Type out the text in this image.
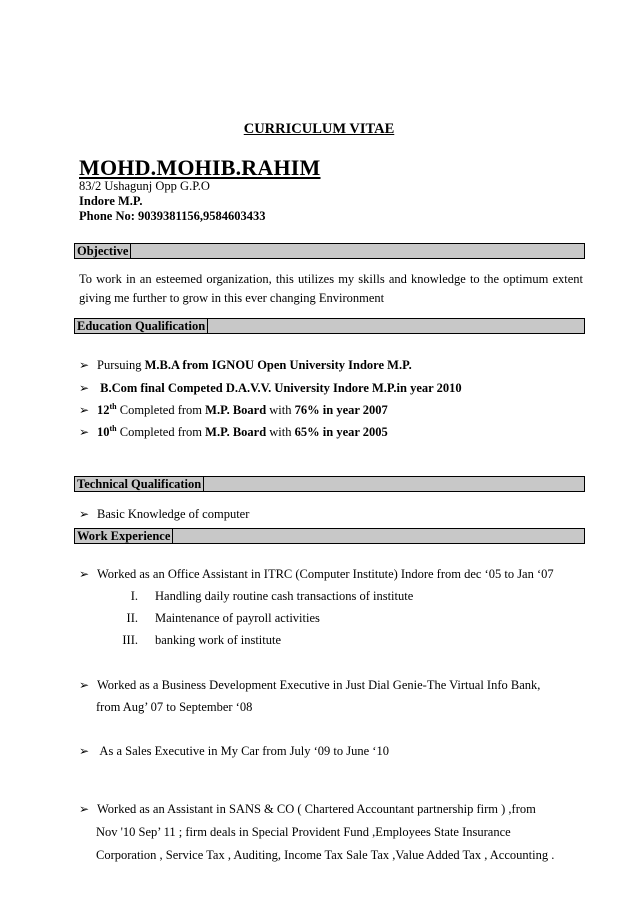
CURRICULUM VITAE
MOHD.MOHIB.RAHIM
83/2 Ushagunj Opp G.P.O
Indore M.P.
Phone No: 9039381156,9584603433
Objective
To work in an esteemed organization, this utilizes my skills and knowledge to the optimum extent giving me further to grow in this ever changing Environment
Education Qualification
➢ Pursuing M.B.A from IGNOU Open University Indore M.P.
➢ B.Com final Competed D.A.V.V. University Indore M.P.in year 2010
➢ 12th Completed from M.P. Board with 76% in year 2007
➢ 10th Completed from M.P. Board with 65% in year 2005
Technical Qualification
➢ Basic Knowledge of computer
Work Experience
➢ Worked as an Office Assistant in ITRC (Computer Institute) Indore from dec ‘05 to Jan ‘07
I. Handling daily routine cash transactions of institute
II. Maintenance of payroll activities
III. banking work of institute
➢ Worked as a Business Development Executive in Just Dial Genie-The Virtual Info Bank,
from Aug’ 07 to September ‘08
➢ As a Sales Executive in My Car from July ‘09 to June ‘10
➢ Worked as an Assistant in SANS & CO ( Chartered Accountant partnership firm ) ,from
Nov '10 Sep’ 11 ; firm deals in Special Provident Fund ,Employees State Insurance
Corporation , Service Tax , Auditing, Income Tax Sale Tax ,Value Added Tax , Accounting .
